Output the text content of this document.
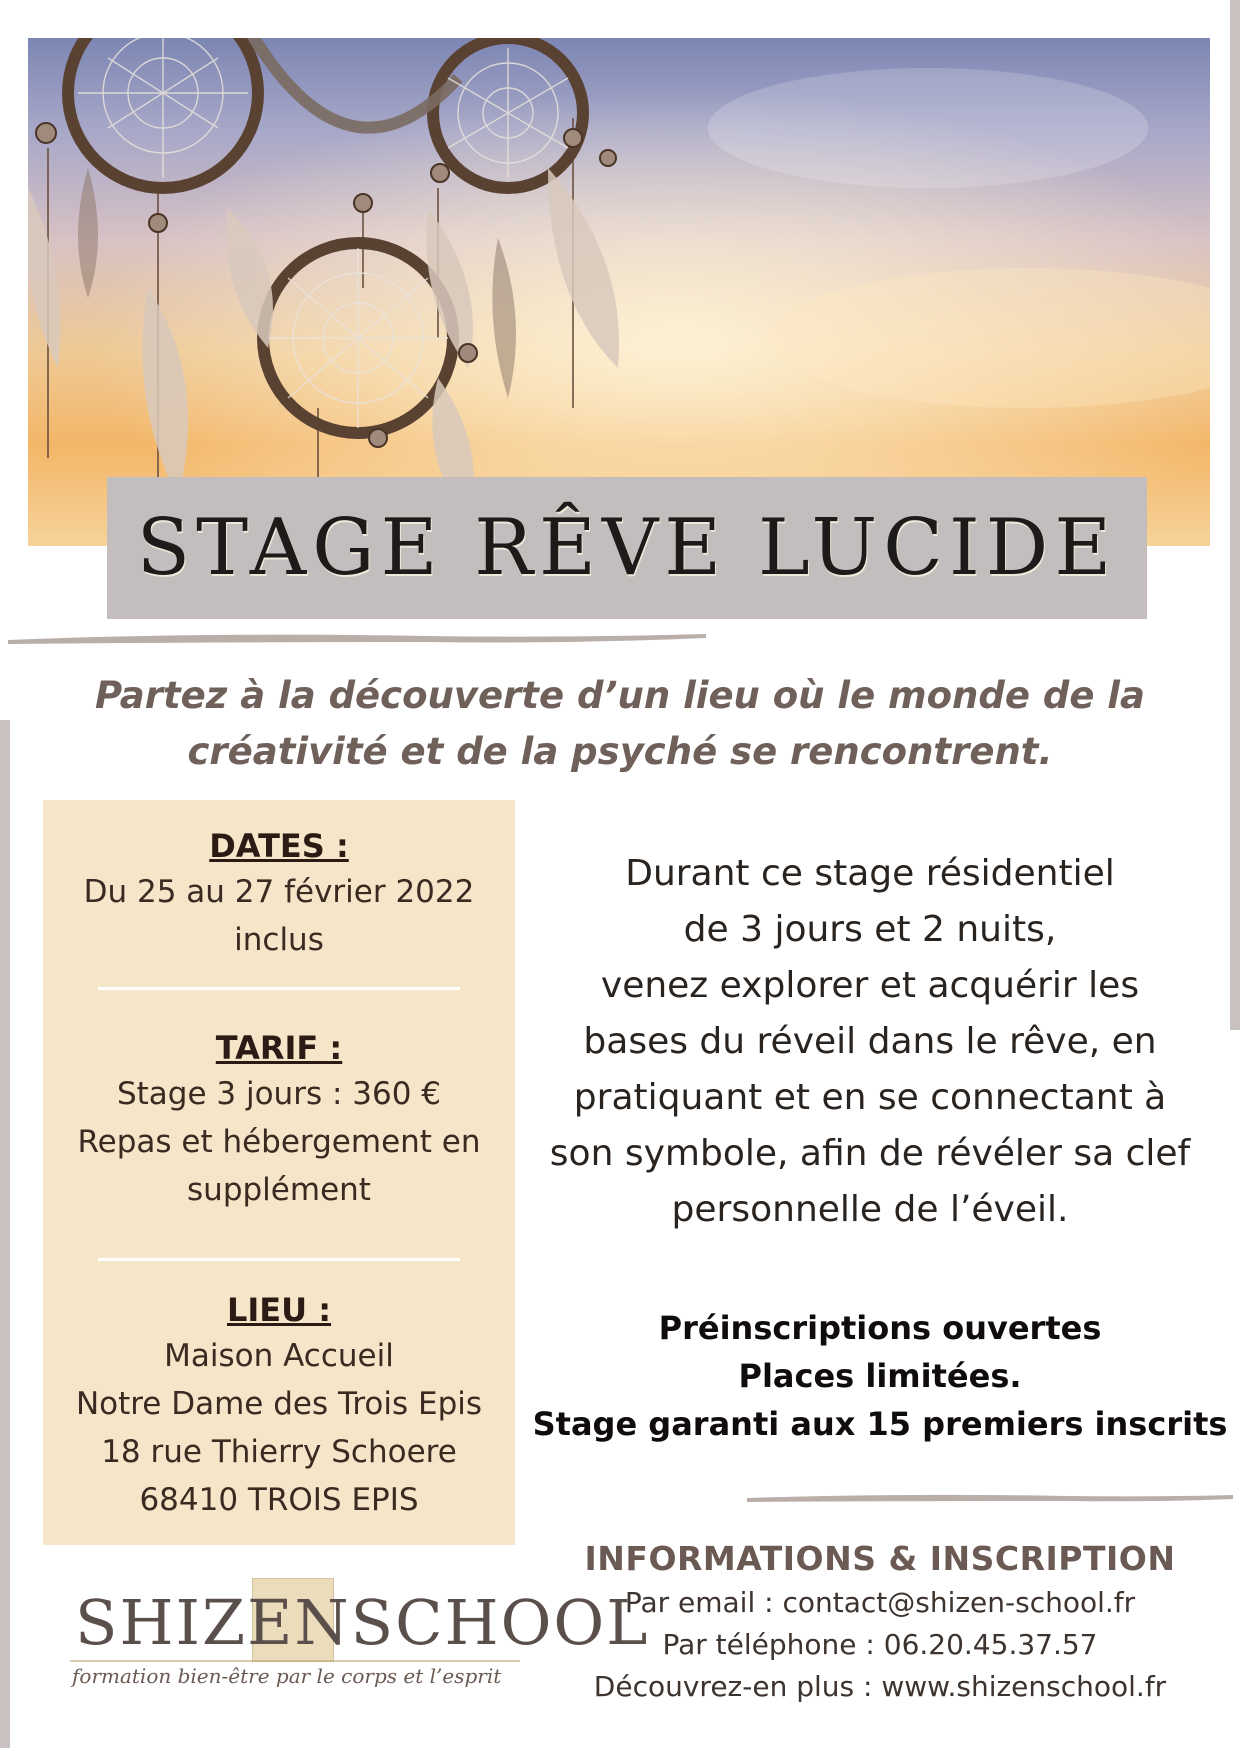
STAGE RÊVE LUCIDE
Partez à la découverte d’un lieu où le monde de la
créativité et de la psyché se rencontrent.
DATES :
Du 25 au 27 février 2022
inclus
TARIF :
Stage 3 jours : 360 €
Repas et hébergement en
supplément
LIEU :
Maison Accueil
Notre Dame des Trois Epis
18 rue Thierry Schoere
68410 TROIS EPIS
Durant ce stage résidentiel
de 3 jours et 2 nuits,
venez explorer et acquérir les
bases du réveil dans le rêve, en
pratiquant et en se connectant à
son symbole, afin de révéler sa clef
personnelle de l’éveil.
Préinscriptions ouvertes
Places limitées.
Stage garanti aux 15 premiers inscrits
INFORMATIONS & INSCRIPTION
Par email : contact@shizen-school.fr
Par téléphone : 06.20.45.37.57
Découvrez-en plus : www.shizenschool.fr
SHIZENSCHOOL
formation bien-être par le corps et l’esprit
